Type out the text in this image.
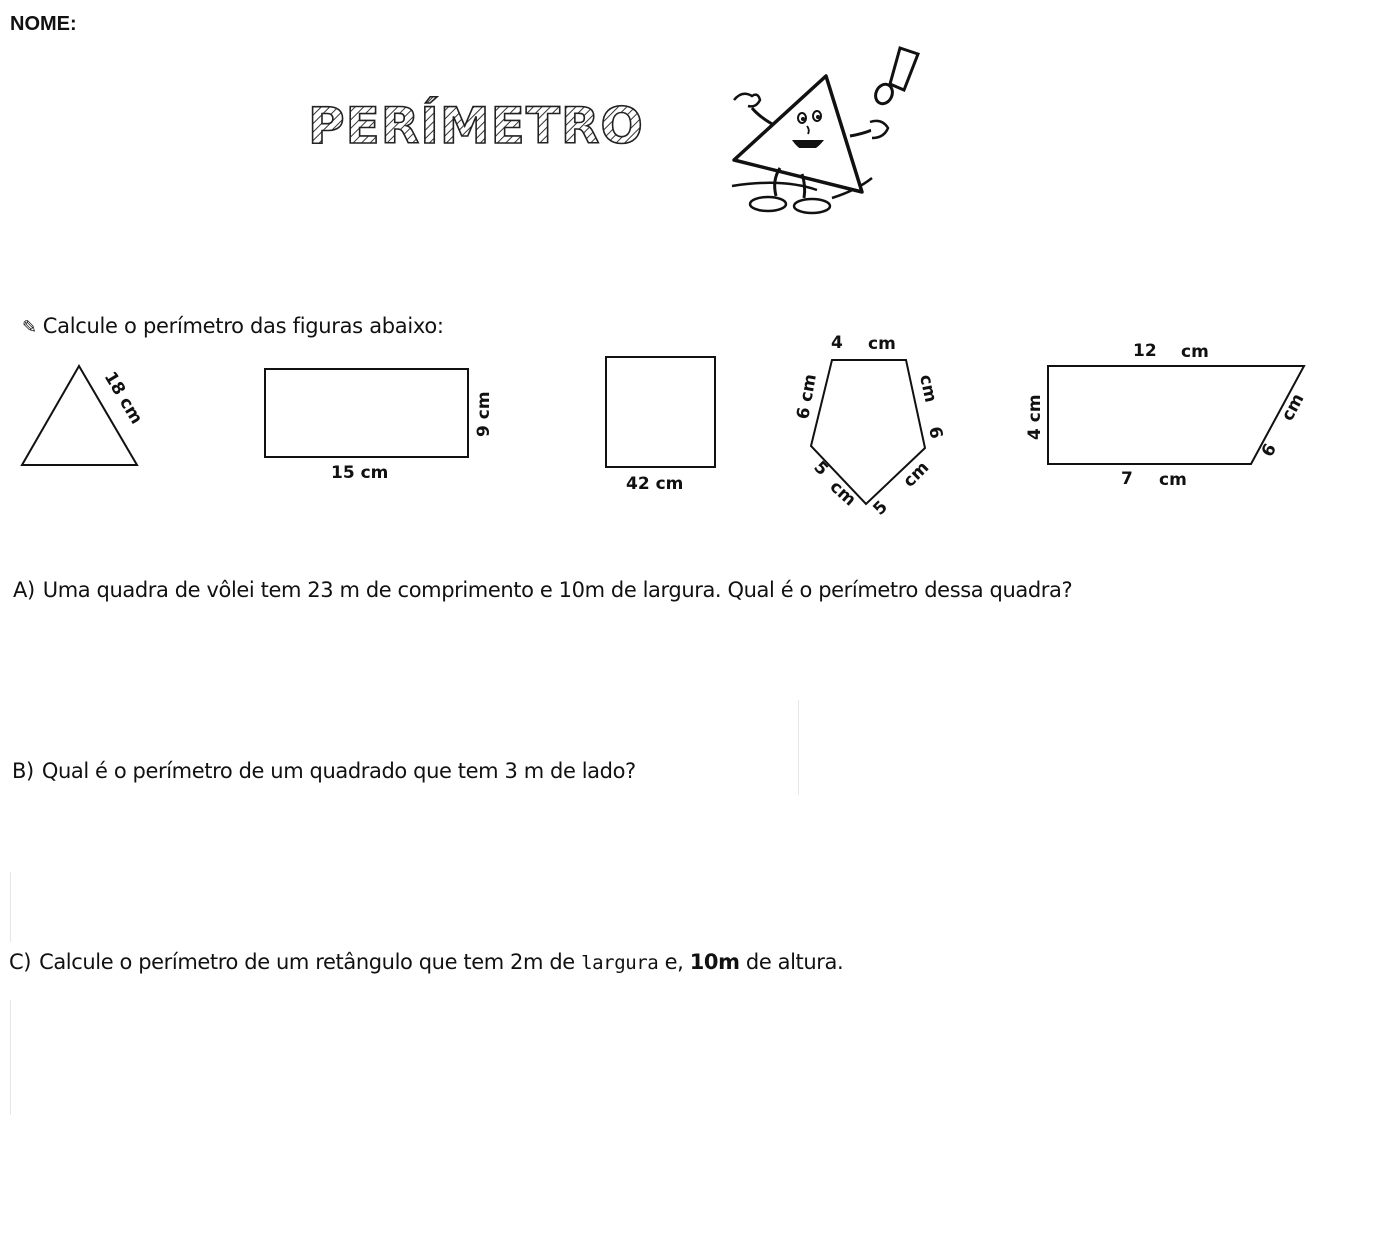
NOME:
PERÍMETRO
✎ Calcule o perímetro das figuras abaixo:
18 cm
15 cm
9 cm
42 cm
4 cm
6 cm	cm
6
5
cm
cm
5
12 cm
4 cm	cm
6
7 cm
A) Uma quadra de vôlei tem 23 m de comprimento e 10m de largura. Qual é o perímetro dessa quadra?
B) Qual é o perímetro de um quadrado que tem 3 m de lado?
C) Calcule o perímetro de um retângulo que tem 2m de largura e, 10m de altura.
